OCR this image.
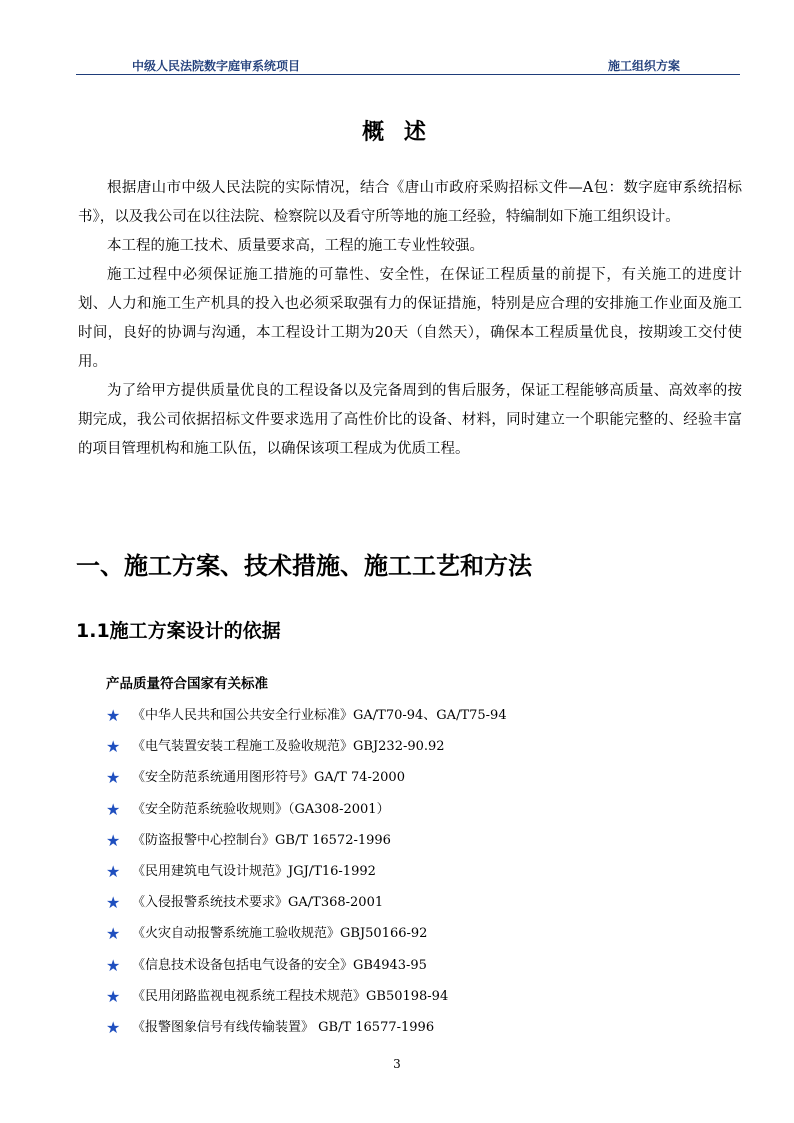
中级人民法院数字庭审系统项目	施工组织方案
概 述

根据唐山市中级人民法院的实际情况，结合《唐山市政府采购招标文件—A包：数字庭审系统招标书》，以及我公司在以往法院、检察院以及看守所等地的施工经验，特编制如下施工组织设计。

本工程的施工技术、质量要求高，工程的施工专业性较强。

施工过程中必须保证施工措施的可靠性、安全性，在保证工程质量的前提下，有关施工的进度计划、人力和施工生产机具的投入也必须采取强有力的保证措施，特别是应合理的安排施工作业面及施工时间，良好的协调与沟通，本工程设计工期为20天（自然天），确保本工程质量优良，按期竣工交付使用。

为了给甲方提供质量优良的工程设备以及完备周到的售后服务，保证工程能够高质量、高效率的按期完成，我公司依据招标文件要求选用了高性价比的设备、材料，同时建立一个职能完整的、经验丰富的项目管理机构和施工队伍，以确保该项工程成为优质工程。

一、施工方案、技术措施、施工工艺和方法
1.1施工方案设计的依据
产品质量符合国家有关标准
★ 《中华人民共和国公共安全行业标准》GA/T70-94、GA/T75-94
★ 《电气装置安装工程施工及验收规范》GBJ232-90.92
★ 《安全防范系统通用图形符号》GA/T 74-2000
★ 《安全防范系统验收规则》（GA308-2001）
★ 《防盗报警中心控制台》GB/T 16572-1996
★ 《民用建筑电气设计规范》JGJ/T16-1992
★ 《入侵报警系统技术要求》GA/T368-2001
★ 《火灾自动报警系统施工验收规范》GBJ50166-92
★ 《信息技术设备包括电气设备的安全》GB4943-95
★ 《民用闭路监视电视系统工程技术规范》GB50198-94
★ 《报警图象信号有线传输装置》 GB/T 16577-1996
3
